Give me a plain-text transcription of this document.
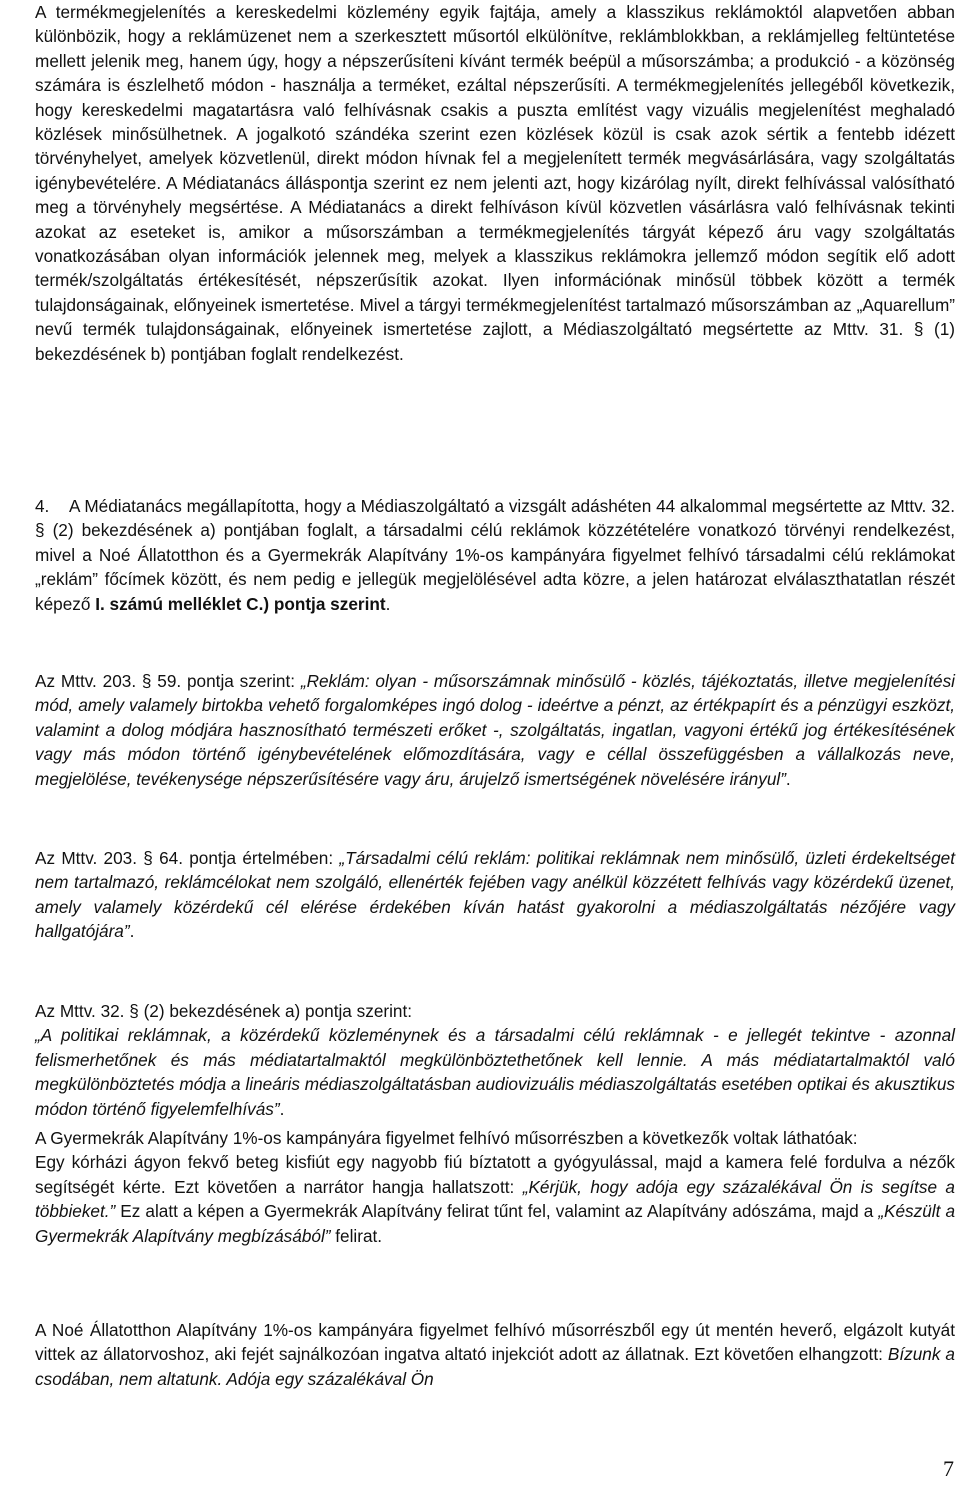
A termékmegjelenítés a kereskedelmi közlemény egyik fajtája, amely a klasszikus reklámoktól alapvetően abban különbözik, hogy a reklámüzenet nem a szerkesztett műsortól elkülönítve, reklámblokkban, a reklámjelleg feltüntetése mellett jelenik meg, hanem úgy, hogy a népszerűsíteni kívánt termék beépül a műsorszámba; a produkció - a közönség számára is észlelhető módon - használja a terméket, ezáltal népszerűsíti. A termékmegjelenítés jellegéből következik, hogy kereskedelmi magatartásra való felhívásnak csakis a puszta említést vagy vizuális megjelenítést meghaladó közlések minősülhetnek. A jogalkotó szándéka szerint ezen közlések közül is csak azok sértik a fentebb idézett törvényhelyet, amelyek közvetlenül, direkt módon hívnak fel a megjelenített termék megvásárlására, vagy szolgáltatás igénybevételére. A Médiatanács álláspontja szerint ez nem jelenti azt, hogy kizárólag nyílt, direkt felhívással valósítható meg a törvényhely megsértése. A Médiatanács a direkt felhíváson kívül közvetlen vásárlásra való felhívásnak tekinti azokat az eseteket is, amikor a műsorszámban a termékmegjelenítés tárgyát képező áru vagy szolgáltatás vonatkozásában olyan információk jelennek meg, melyek a klasszikus reklámokra jellemző módon segítik elő adott termék/szolgáltatás értékesítését, népszerűsítik azokat. Ilyen információnak minősül többek között a termék tulajdonságainak, előnyeinek ismertetése. Mivel a tárgyi termékmegjelenítést tartalmazó műsorszámban az „Aquarellum” nevű termék tulajdonságainak, előnyeinek ismertetése zajlott, a Médiaszolgáltató megsértette az Mttv. 31. § (1) bekezdésének b) pontjában foglalt rendelkezést.
4.	A Médiatanács megállapította, hogy a Médiaszolgáltató a vizsgált adáshéten 44 alkalommal megsértette az Mttv. 32. § (2) bekezdésének a) pontjában foglalt, a társadalmi célú reklámok közzétételére vonatkozó törvényi rendelkezést, mivel a Noé Állatotthon és a Gyermekrák Alapítvány 1%-os kampányára figyelmet felhívó társadalmi célú reklámokat „reklám” főcímek között, és nem pedig e jellegük megjelölésével adta közre, a jelen határozat elválaszthatatlan részét képező I. számú melléklet C.) pontja szerint.
Az Mttv. 203. § 59. pontja szerint: „Reklám: olyan - műsorszámnak minősülő - közlés, tájékoztatás, illetve megjelenítési mód, amely valamely birtokba vehető forgalomképes ingó dolog - ideértve a pénzt, az értékpapírt és a pénzügyi eszközt, valamint a dolog módjára hasznosítható természeti erőket -, szolgáltatás, ingatlan, vagyoni értékű jog értékesítésének vagy más módon történő igénybevételének előmozdítására, vagy e céllal összefüggésben a vállalkozás neve, megjelölése, tevékenysége népszerűsítésére vagy áru, árujelző ismertségének növelésére irányul”.
Az Mttv. 203. § 64. pontja értelmében: „Társadalmi célú reklám: politikai reklámnak nem minősülő, üzleti érdekeltséget nem tartalmazó, reklámcélokat nem szolgáló, ellenérték fejében vagy anélkül közzétett felhívás vagy közérdekű üzenet, amely valamely közérdekű cél elérése érdekében kíván hatást gyakorolni a médiaszolgáltatás nézőjére vagy hallgatójára”.
Az Mttv. 32. § (2) bekezdésének a) pontja szerint:
„A politikai reklámnak, a közérdekű közleménynek és a társadalmi célú reklámnak - e jellegét tekintve - azonnal felismerhetőnek és más médiatartalmaktól megkülönböztethetőnek kell lennie. A más médiatartalmaktól való megkülönböztetés módja a lineáris médiaszolgáltatásban audiovizuális médiaszolgáltatás esetében optikai és akusztikus módon történő figyelemfelhívás”.
A Gyermekrák Alapítvány 1%-os kampányára figyelmet felhívó műsorrészben a következők voltak láthatóak:
Egy kórházi ágyon fekvő beteg kisfiút egy nagyobb fiú bíztatott a gyógyulással, majd a kamera felé fordulva a nézők segítségét kérte. Ezt követően a narrátor hangja hallatszott: „Kérjük, hogy adója egy százalékával Ön is segítse a többieket.” Ez alatt a képen a Gyermekrák Alapítvány felirat tűnt fel, valamint az Alapítvány adószáma, majd a „Készült a Gyermekrák Alapítvány megbízásából” felirat.
A Noé Állatotthon Alapítvány 1%-os kampányára figyelmet felhívó műsorrészből egy út mentén heverő, elgázolt kutyát vittek az állatorvoshoz, aki fejét sajnálkozóan ingatva altató injekciót adott az állatnak. Ezt követően elhangzott: Bízunk a csodában, nem altatunk. Adója egy százalékával Ön
7
